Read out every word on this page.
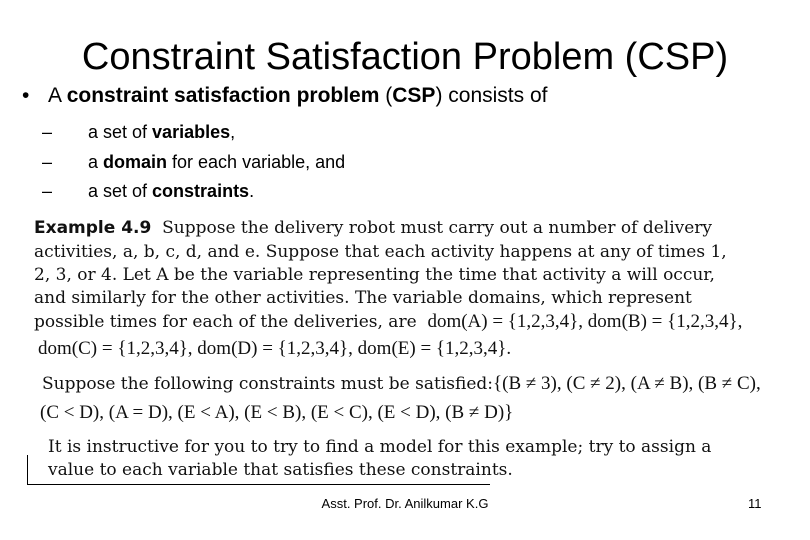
Constraint Satisfaction Problem (CSP)
• A constraint satisfaction problem (CSP) consists of
– a set of variables,
– a domain for each variable, and
– a set of constraints.
Example 4.9 Suppose the delivery robot must carry out a number of delivery
activities, a, b, c, d, and e. Suppose that each activity happens at any of times 1,
2, 3, or 4. Let A be the variable representing the time that activity a will occur,
and similarly for the other activities. The variable domains, which represent
possible times for each of the deliveries, are dom(A) = {1,2,3,4}, dom(B) = {1,2,3,4},
dom(C) = {1,2,3,4}, dom(D) = {1,2,3,4}, dom(E) = {1,2,3,4}.
Suppose the following constraints must be satisfied:{(B ≠ 3), (C ≠ 2), (A ≠ B), (B ≠ C),
(C < D), (A = D), (E < A), (E < B), (E < C), (E < D), (B ≠ D)}
It is instructive for you to try to find a model for this example; try to assign a
value to each variable that satisfies these constraints.
Asst. Prof. Dr. Anilkumar K.G	11
